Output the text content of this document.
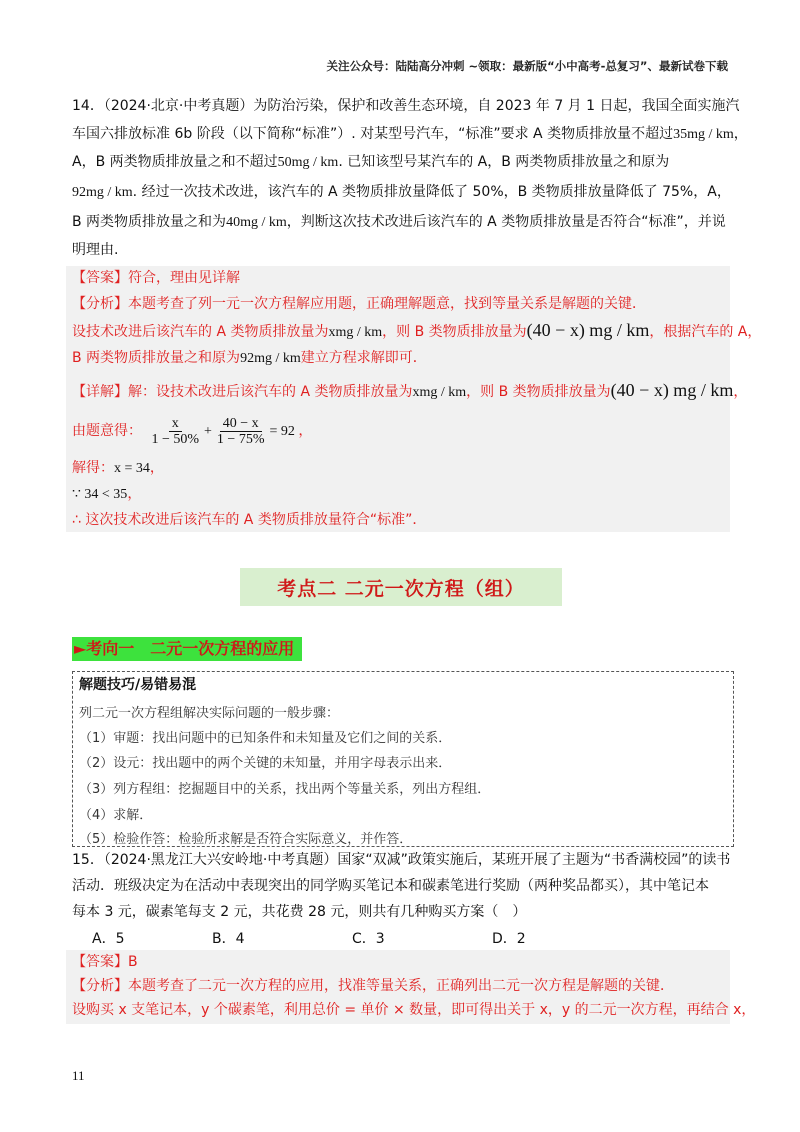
关注公众号：陆陆高分冲刺 ~领取：最新版“小中高考-总复习”、最新试卷下载
14．（2024·北京·中考真题）为防治污染，保护和改善生态环境，自 2023 年 7 月 1 日起，我国全面实施汽
车国六排放标准 6b 阶段（以下简称“标准”）. 对某型号汽车，“标准”要求 A 类物质排放量不超过35mg / km，
A，B 两类物质排放量之和不超过50mg / km. 已知该型号某汽车的 A，B 两类物质排放量之和原为
92mg / km. 经过一次技术改进，该汽车的 A 类物质排放量降低了 50%，B 类物质排放量降低了 75%，A，
B 两类物质排放量之和为40mg / km，判断这次技术改进后该汽车的 A 类物质排放量是否符合“标准”，并说
明理由.
【答案】符合，理由见详解
【分析】本题考查了列一元一次方程解应用题，正确理解题意，找到等量关系是解题的关键．
设技术改进后该汽车的 A 类物质排放量为xmg / km，则 B 类物质排放量为(40 − x) mg / km，根据汽车的 A，
B 两类物质排放量之和原为92mg / km建立方程求解即可．
【详解】解：设技术改进后该汽车的 A 类物质排放量为xmg / km，则 B 类物质排放量为(40 − x) mg / km，
由题意得： $\frac{x}{1 - 50\%} + \frac{40 - x}{1 - 75\%} = 92$ ，
解得：x = 34，
∵ 34 < 35，
∴ 这次技术改进后该汽车的 A 类物质排放量符合“标准”．
考点二 二元一次方程（组）
►考向一　二元一次方程的应用
解题技巧/易错易混
列二元一次方程组解决实际问题的一般步骤：
（1）审题：找出问题中的已知条件和未知量及它们之间的关系．
（2）设元：找出题中的两个关键的未知量，并用字母表示出来．
（3）列方程组：挖掘题目中的关系，找出两个等量关系，列出方程组．
（4）求解．
（5）检验作答：检验所求解是否符合实际意义，并作答．
15．（2024·黑龙江大兴安岭地·中考真题）国家“双减”政策实施后，某班开展了主题为“书香满校园”的读书
活动．班级决定为在活动中表现突出的同学购买笔记本和碳素笔进行奖励（两种奖品都买），其中笔记本
每本 3 元，碳素笔每支 2 元，共花费 28 元，则共有几种购买方案（　）
A．5	B．4	C．3	D．2
【答案】B
【分析】本题考查了二元一次方程的应用，找准等量关系，正确列出二元一次方程是解题的关键．
设购买 x 支笔记本，y 个碳素笔，利用总价 = 单价 × 数量，即可得出关于 x，y 的二元一次方程，再结合 x，
11
